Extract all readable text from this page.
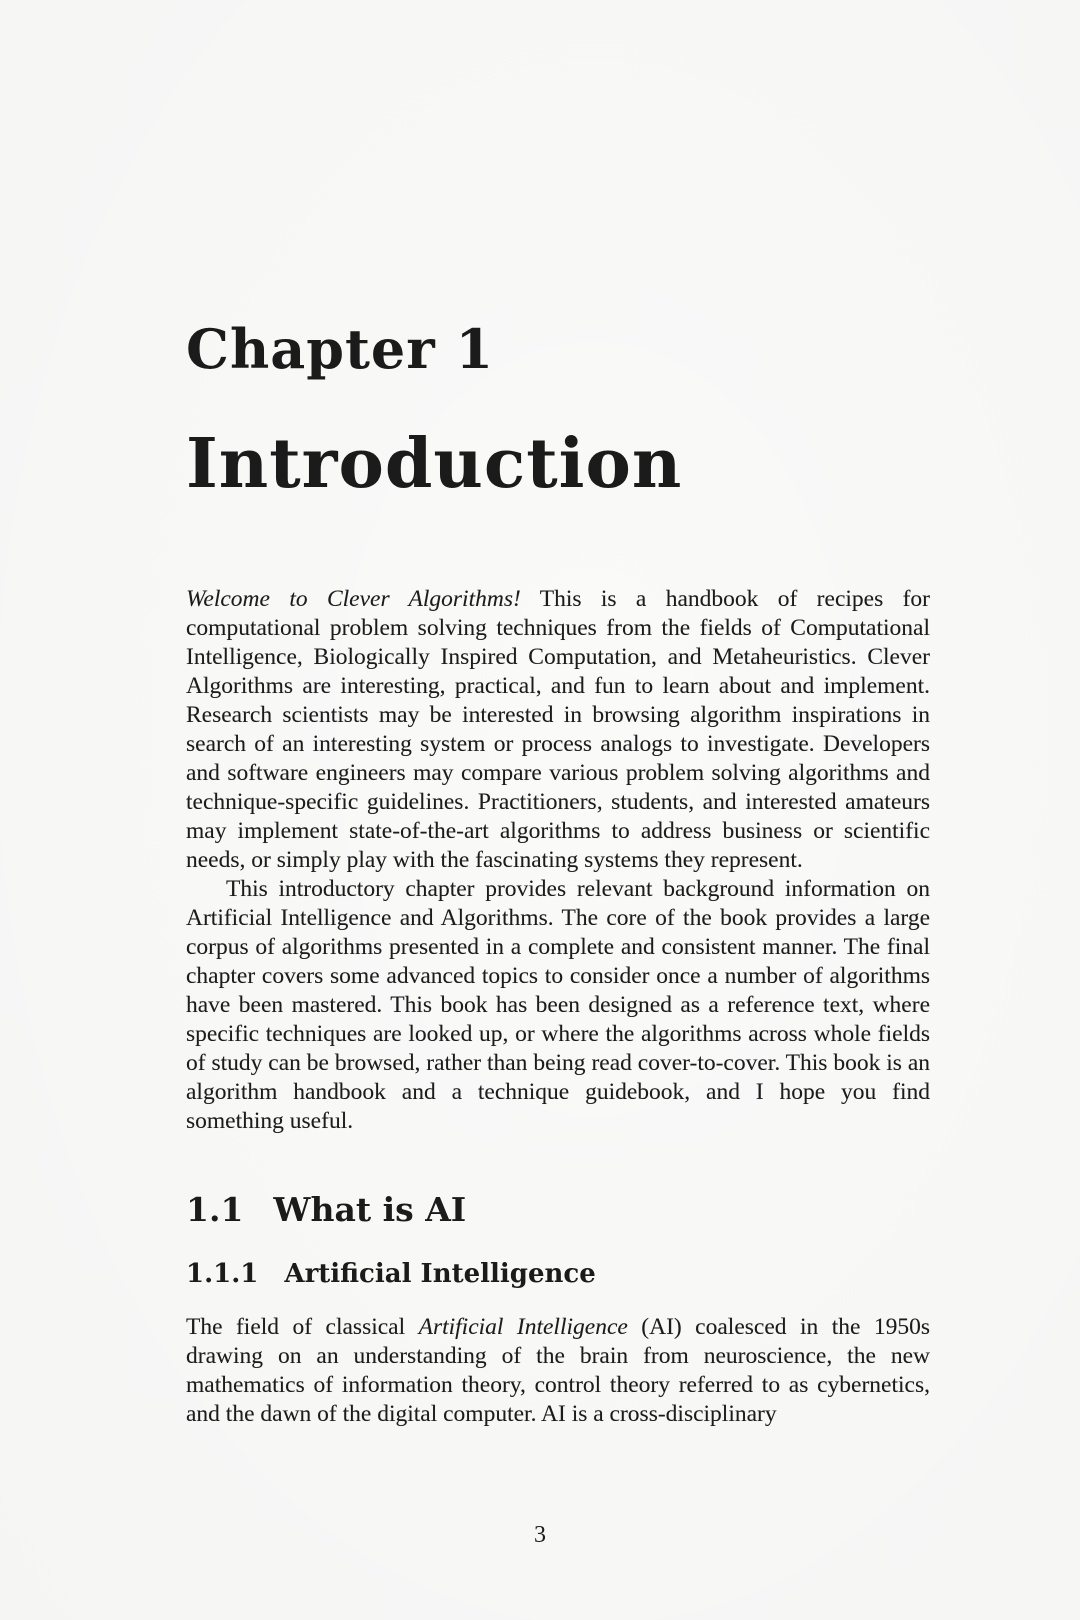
Chapter 1
Introduction

Welcome to Clever Algorithms! This is a handbook of recipes for computational problem solving techniques from the fields of Computational Intelligence, Biologically Inspired Computation, and Metaheuristics. Clever Algorithms are interesting, practical, and fun to learn about and implement. Research scientists may be interested in browsing algorithm inspirations in search of an interesting system or process analogs to investigate. Developers and software engineers may compare various problem solving algorithms and technique-specific guidelines. Practitioners, students, and interested amateurs may implement state-of-the-art algorithms to address business or scientific needs, or simply play with the fascinating systems they represent.

This introductory chapter provides relevant background information on Artificial Intelligence and Algorithms. The core of the book provides a large corpus of algorithms presented in a complete and consistent manner. The final chapter covers some advanced topics to consider once a number of algorithms have been mastered. This book has been designed as a reference text, where specific techniques are looked up, or where the algorithms across whole fields of study can be browsed, rather than being read cover-to-cover. This book is an algorithm handbook and a technique guidebook, and I hope you find something useful.

1.1 What is AI
1.1.1 Artificial Intelligence

The field of classical Artificial Intelligence (AI) coalesced in the 1950s drawing on an understanding of the brain from neuroscience, the new mathematics of information theory, control theory referred to as cybernetics, and the dawn of the digital computer. AI is a cross-disciplinary

3
